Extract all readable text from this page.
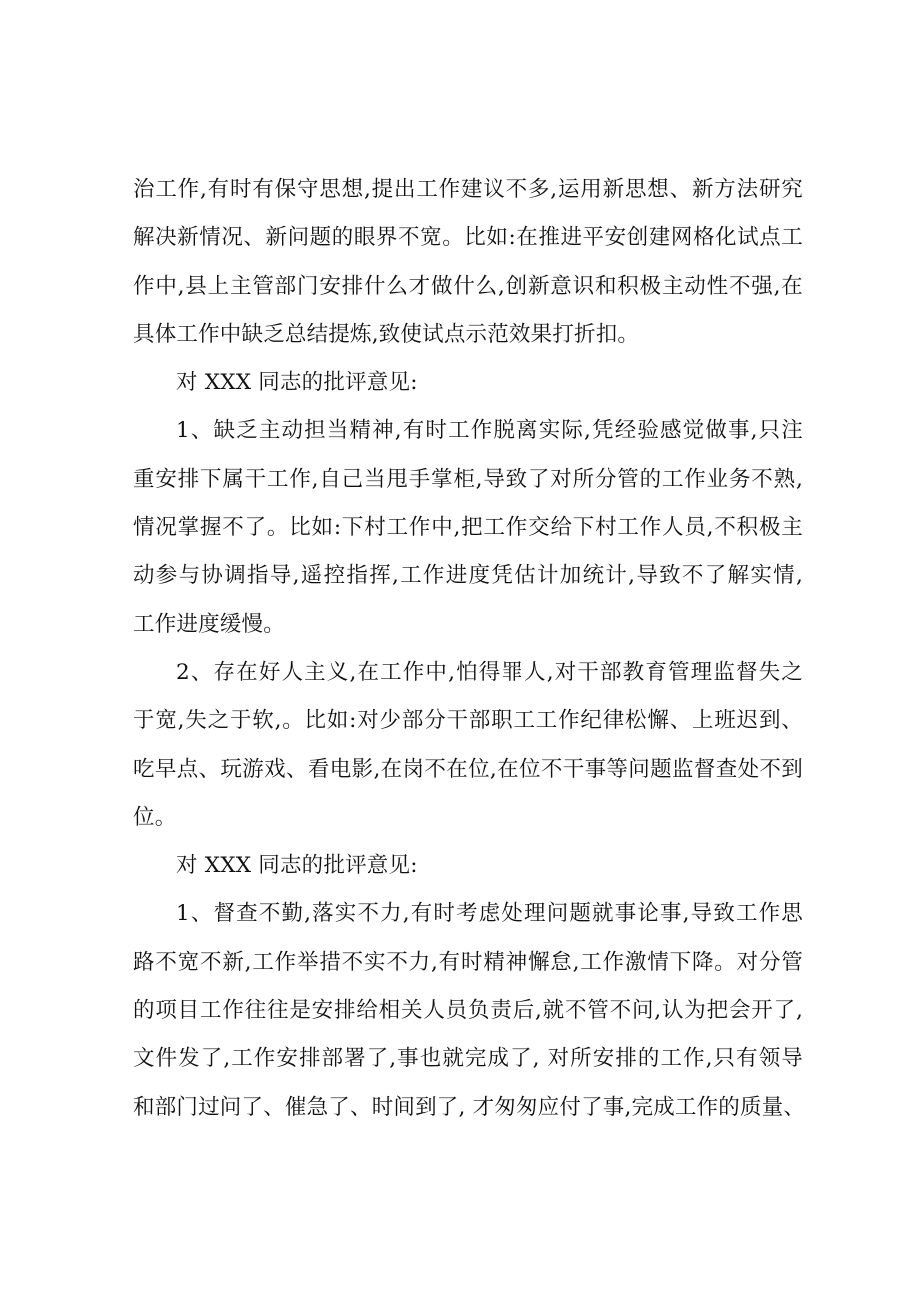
治工作,有时有保守思想,提出工作建议不多,运用新思想、新方法研究
解决新情况、新问题的眼界不宽。比如:在推进平安创建网格化试点工
作中,县上主管部门安排什么才做什么,创新意识和积极主动性不强,在
具体工作中缺乏总结提炼,致使试点示范效果打折扣。
对 XXX 同志的批评意见:
1、缺乏主动担当精神,有时工作脱离实际,凭经验感觉做事,只注
重安排下属干工作,自己当甩手掌柜,导致了对所分管的工作业务不熟,
情况掌握不了。比如:下村工作中,把工作交给下村工作人员,不积极主
动参与协调指导,遥控指挥,工作进度凭估计加统计,导致不了解实情,
工作进度缓慢。
2、存在好人主义,在工作中,怕得罪人,对干部教育管理监督失之
于宽,失之于软,。比如:对少部分干部职工工作纪律松懈、上班迟到、
吃早点、玩游戏、看电影,在岗不在位,在位不干事等问题监督查处不到
位。
对 XXX 同志的批评意见:
1、督查不勤,落实不力,有时考虑处理问题就事论事,导致工作思
路不宽不新,工作举措不实不力,有时精神懈怠,工作激情下降。对分管
的项目工作往往是安排给相关人员负责后,就不管不问,认为把会开了,
文件发了,工作安排部署了,事也就完成了, 对所安排的工作,只有领导
和部门过问了、催急了、时间到了, 才匆匆应付了事,完成工作的质量、
